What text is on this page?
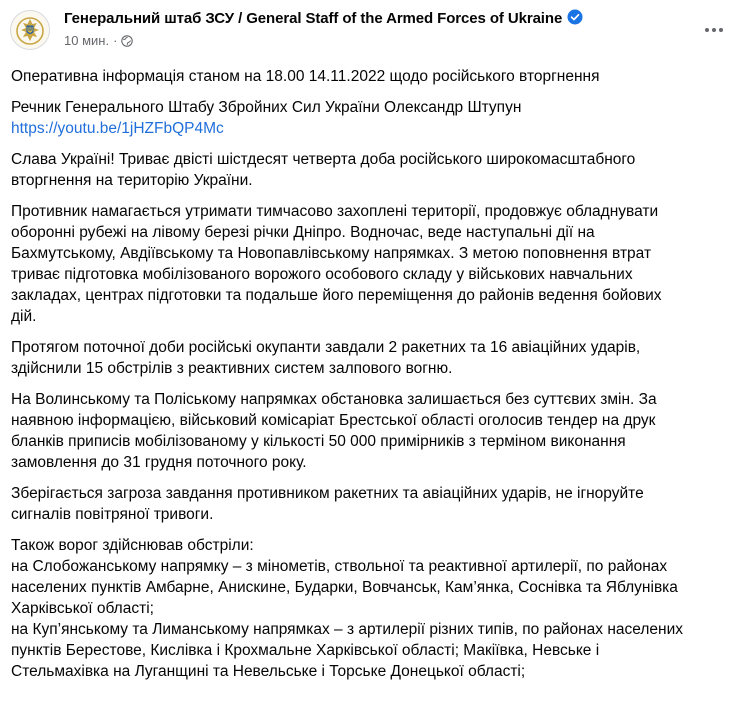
Генеральний штаб ЗСУ / General Staff of the Armed Forces of Ukraine
10 мин. ·

Оперативна інформація станом на 18.00 14.11.2022 щодо російського вторгнення

Речник Генерального Штабу Збройних Сил України Олександр Штупун
https://youtu.be/1jHZFbQP4Mc

Слава Україні! Триває двісті шістдесят четверта доба російського широкомасштабного
вторгнення на територію України.

Противник намагається утримати тимчасово захоплені території, продовжує обладнувати
оборонні рубежі на лівому березі річки Дніпро. Водночас, веде наступальні дії на
Бахмутському, Авдіївському та Новопавлівському напрямках. З метою поповнення втрат
триває підготовка мобілізованого ворожого особового складу у військових навчальних
закладах, центрах підготовки та подальше його переміщення до районів ведення бойових
дій.

Протягом поточної доби російські окупанти завдали 2 ракетних та 16 авіаційних ударів,
здійснили 15 обстрілів з реактивних систем залпового вогню.

На Волинському та Поліському напрямках обстановка залишається без суттєвих змін. За
наявною інформацією, військовий комісаріат Брестської області оголосив тендер на друк
бланків приписів мобілізованому у кількості 50 000 примірників з терміном виконання
замовлення до 31 грудня поточного року.

Зберігається загроза завдання противником ракетних та авіаційних ударів, не ігноруйте
сигналів повітряної тривоги.

Також ворог здійснював обстріли:
на Слобожанському напрямку – з мінометів, ствольної та реактивної артилерії, по районах
населених пунктів Амбарне, Анискине, Бударки, Вовчанськ, Кам’янка, Соснівка та Яблунівка
Харківської області;
на Куп’янському та Лиманському напрямках – з артилерії різних типів, по районах населених
пунктів Берестове, Кислівка і Крохмальне Харківської області; Макіївка, Невське і
Стельмахівка на Луганщині та Невельське і Торське Донецької області;
